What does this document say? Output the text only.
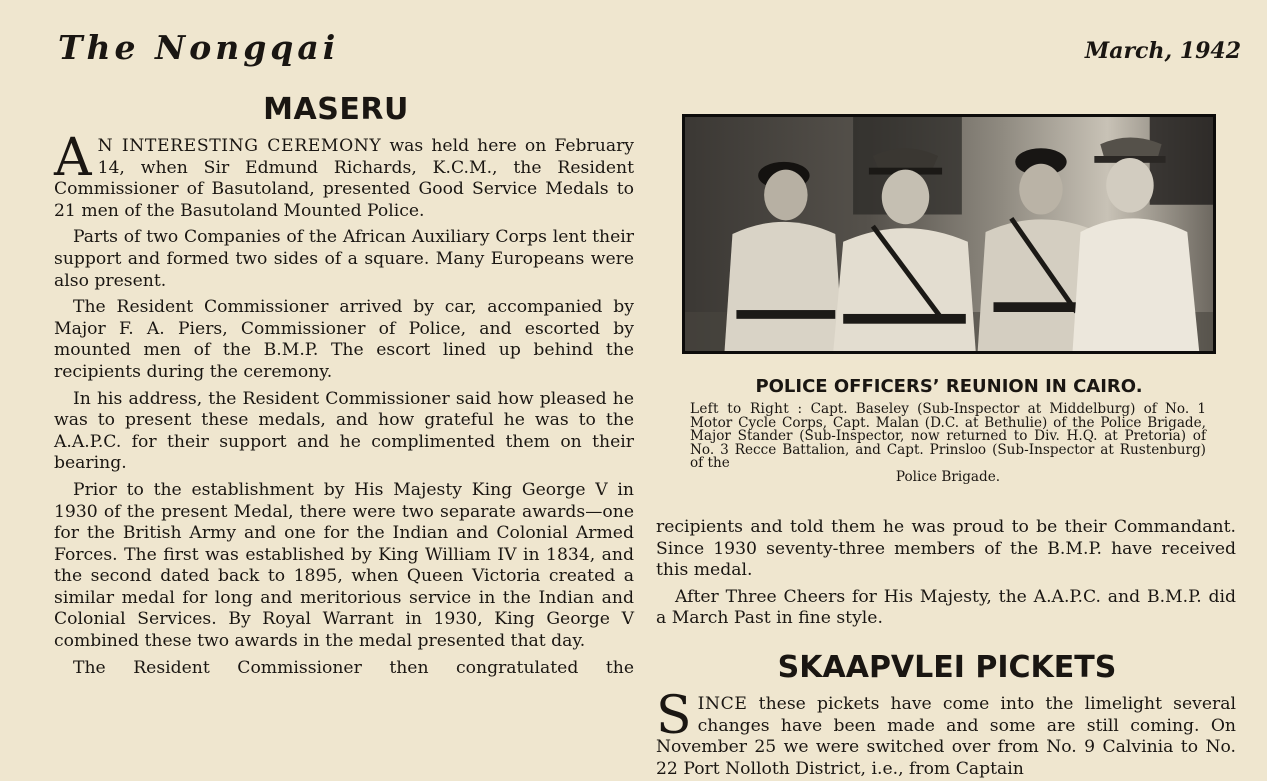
The Nongqai	March, 1942
MASERU

A N INTERESTING CEREMONY was held here on February 14, when Sir Edmund Richards, K.C.M., the Resident Commissioner of Basutoland, presented Good Service Medals to 21 men of the Basutoland Mounted Police.

Parts of two Companies of the African Auxiliary Corps lent their support and formed two sides of a square. Many Europeans were also present.

The Resident Commissioner arrived by car, accompanied by Major F. A. Piers, Commissioner of Police, and escorted by mounted men of the B.M.P. The escort lined up behind the recipients during the ceremony.

In his address, the Resident Commissioner said how pleased he was to present these medals, and how grateful he was to the A.A.P.C. for their support and he complimented them on their bearing.

Prior to the establishment by His Majesty King George V in 1930 of the present Medal, there were two separate awards—one for the British Army and one for the Indian and Colonial Armed Forces. The first was established by King William IV in 1834, and the second dated back to 1895, when Queen Victoria created a similar medal for long and meritorious service in the Indian and Colonial Services. By Royal Warrant in 1930, King George V combined these two awards in the medal presented that day.

The Resident Commissioner then congratulated the

POLICE OFFICERS’ REUNION IN CAIRO.
Left to Right : Capt. Baseley (Sub-Inspector at Middelburg) of No. 1 Motor Cycle Corps, Capt. Malan (D.C. at Bethulie) of the Police Brigade, Major Stander (Sub-Inspector, now returned to Div. H.Q. at Pretoria) of No. 3 Recce Battalion, and Capt. Prinsloo (Sub-Inspector at Rustenburg) of the
Police Brigade.

recipients and told them he was proud to be their Commandant. Since 1930 seventy-three members of the B.M.P. have received this medal.

After Three Cheers for His Majesty, the A.A.P.C. and B.M.P. did a March Past in fine style.

SKAAPVLEI PICKETS

SINCE these pickets have come into the limelight several changes have been made and some are still coming. On November 25 we were switched over from No. 9 Calvinia to No. 22 Port Nolloth District, i.e., from Captain
